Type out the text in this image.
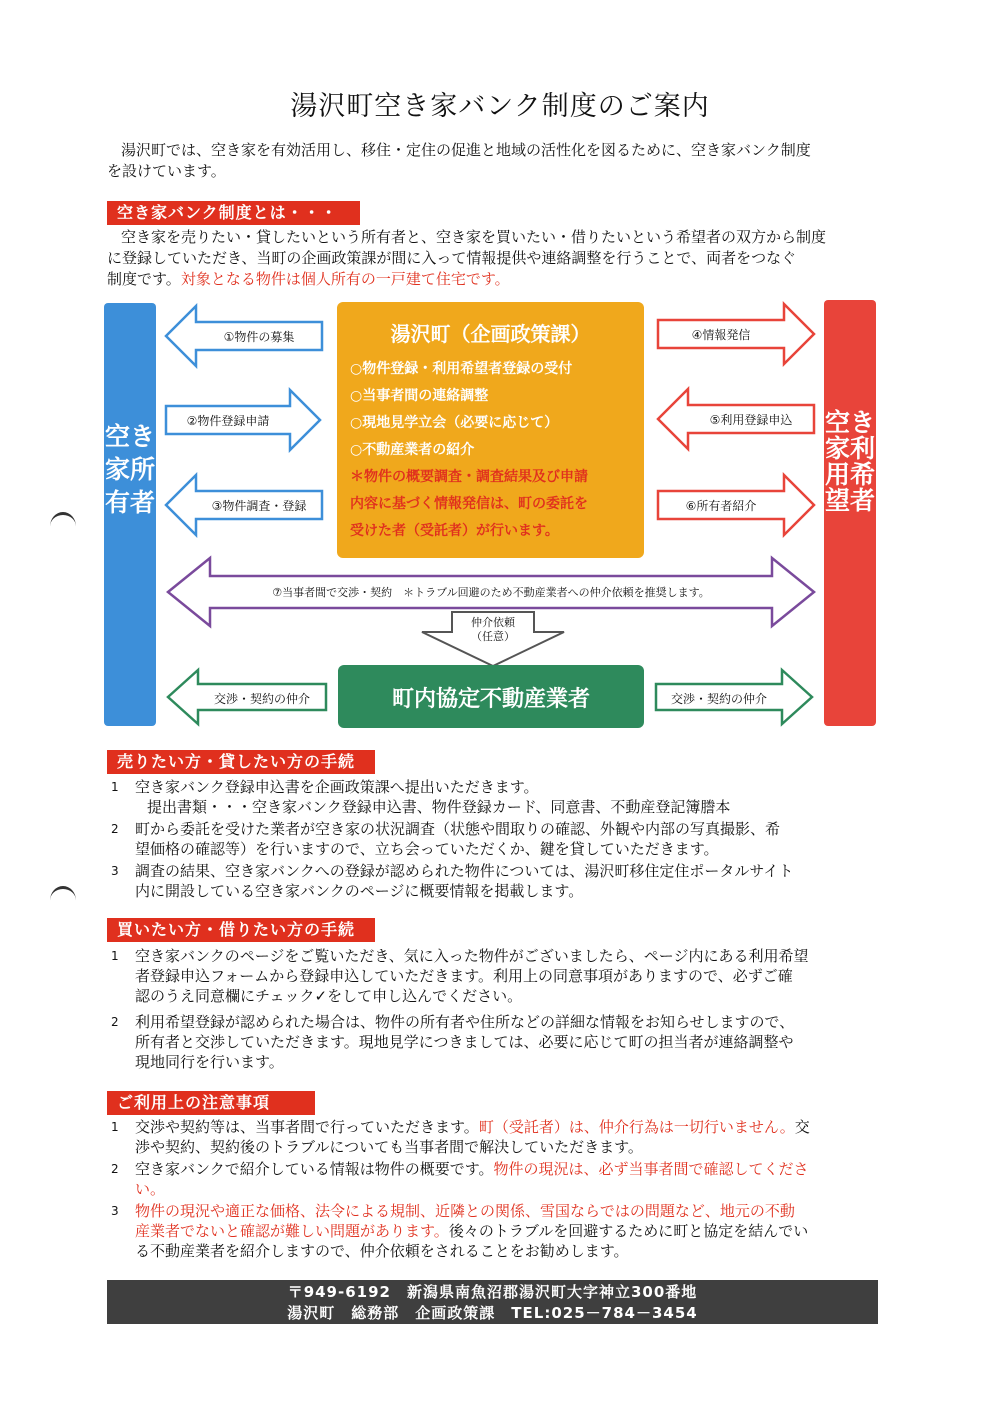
湯沢町空き家バンク制度のご案内
湯沢町では、空き家を有効活用し、移住・定住の促進と地域の活性化を図るために、空き家バンク制度
を設けています。
空き家バンク制度とは・・・
空き家を売りたい・貸したいという所有者と、空き家を買いたい・借りたいという希望者の双方から制度
に登録していただき、当町の企画政策課が間に入って情報提供や連絡調整を行うことで、両者をつなぐ
制度です。対象となる物件は個人所有の一戸建て住宅です。
空き家所有者
空き家利用希望者
①物件の募集
②物件登録申請
③物件調査・登録
④情報発信
⑤利用登録申込
⑥所有者紹介
⑦当事者間で交渉・契約　＊トラブル回避のため不動産業者への仲介依頼を推奨します。
仲介依頼
（任意）
湯沢町（企画政策課）
○物件登録・利用希望者登録の受付
○当事者間の連絡調整
○現地見学立会（必要に応じて）
○不動産業者の紹介
＊物件の概要調査・調査結果及び申請
内容に基づく情報発信は、町の委託を
受けた者（受託者）が行います。
町内協定不動産業者
交渉・契約の仲介	交渉・契約の仲介
売りたい方・貸したい方の手続
1	空き家バンク登録申込書を企画政策課へ提出いただきます。
提出書類・・・空き家バンク登録申込書、物件登録カード、同意書、不動産登記簿謄本
2	町から委託を受けた業者が空き家の状況調査（状態や間取りの確認、外観や内部の写真撮影、希
望価格の確認等）を行いますので、立ち会っていただくか、鍵を貸していただきます。
3	調査の結果、空き家バンクへの登録が認められた物件については、湯沢町移住定住ポータルサイト
内に開設している空き家バンクのページに概要情報を掲載します。
買いたい方・借りたい方の手続
1	空き家バンクのページをご覧いただき、気に入った物件がございましたら、ページ内にある利用希望
者登録申込フォームから登録申込していただきます。利用上の同意事項がありますので、必ずご確
認のうえ同意欄にチェック✓をして申し込んでください。
2	利用希望登録が認められた場合は、物件の所有者や住所などの詳細な情報をお知らせしますので、
所有者と交渉していただきます。現地見学につきましては、必要に応じて町の担当者が連絡調整や
現地同行を行います。
ご利用上の注意事項
1	交渉や契約等は、当事者間で行っていただきます。町（受託者）は、仲介行為は一切行いません。交
渉や契約、契約後のトラブルについても当事者間で解決していただきます。
2	空き家バンクで紹介している情報は物件の概要です。物件の現況は、必ず当事者間で確認してくださ
い。
3	物件の現況や適正な価格、法令による規制、近隣との関係、雪国ならではの問題など、地元の不動
産業者でないと確認が難しい問題があります。後々のトラブルを回避するために町と協定を結んでい
る不動産業者を紹介しますので、仲介依頼をされることをお勧めします。
〒949-6192　新潟県南魚沼郡湯沢町大字神立300番地
湯沢町　総務部　企画政策課　TEL:025－784－3454
